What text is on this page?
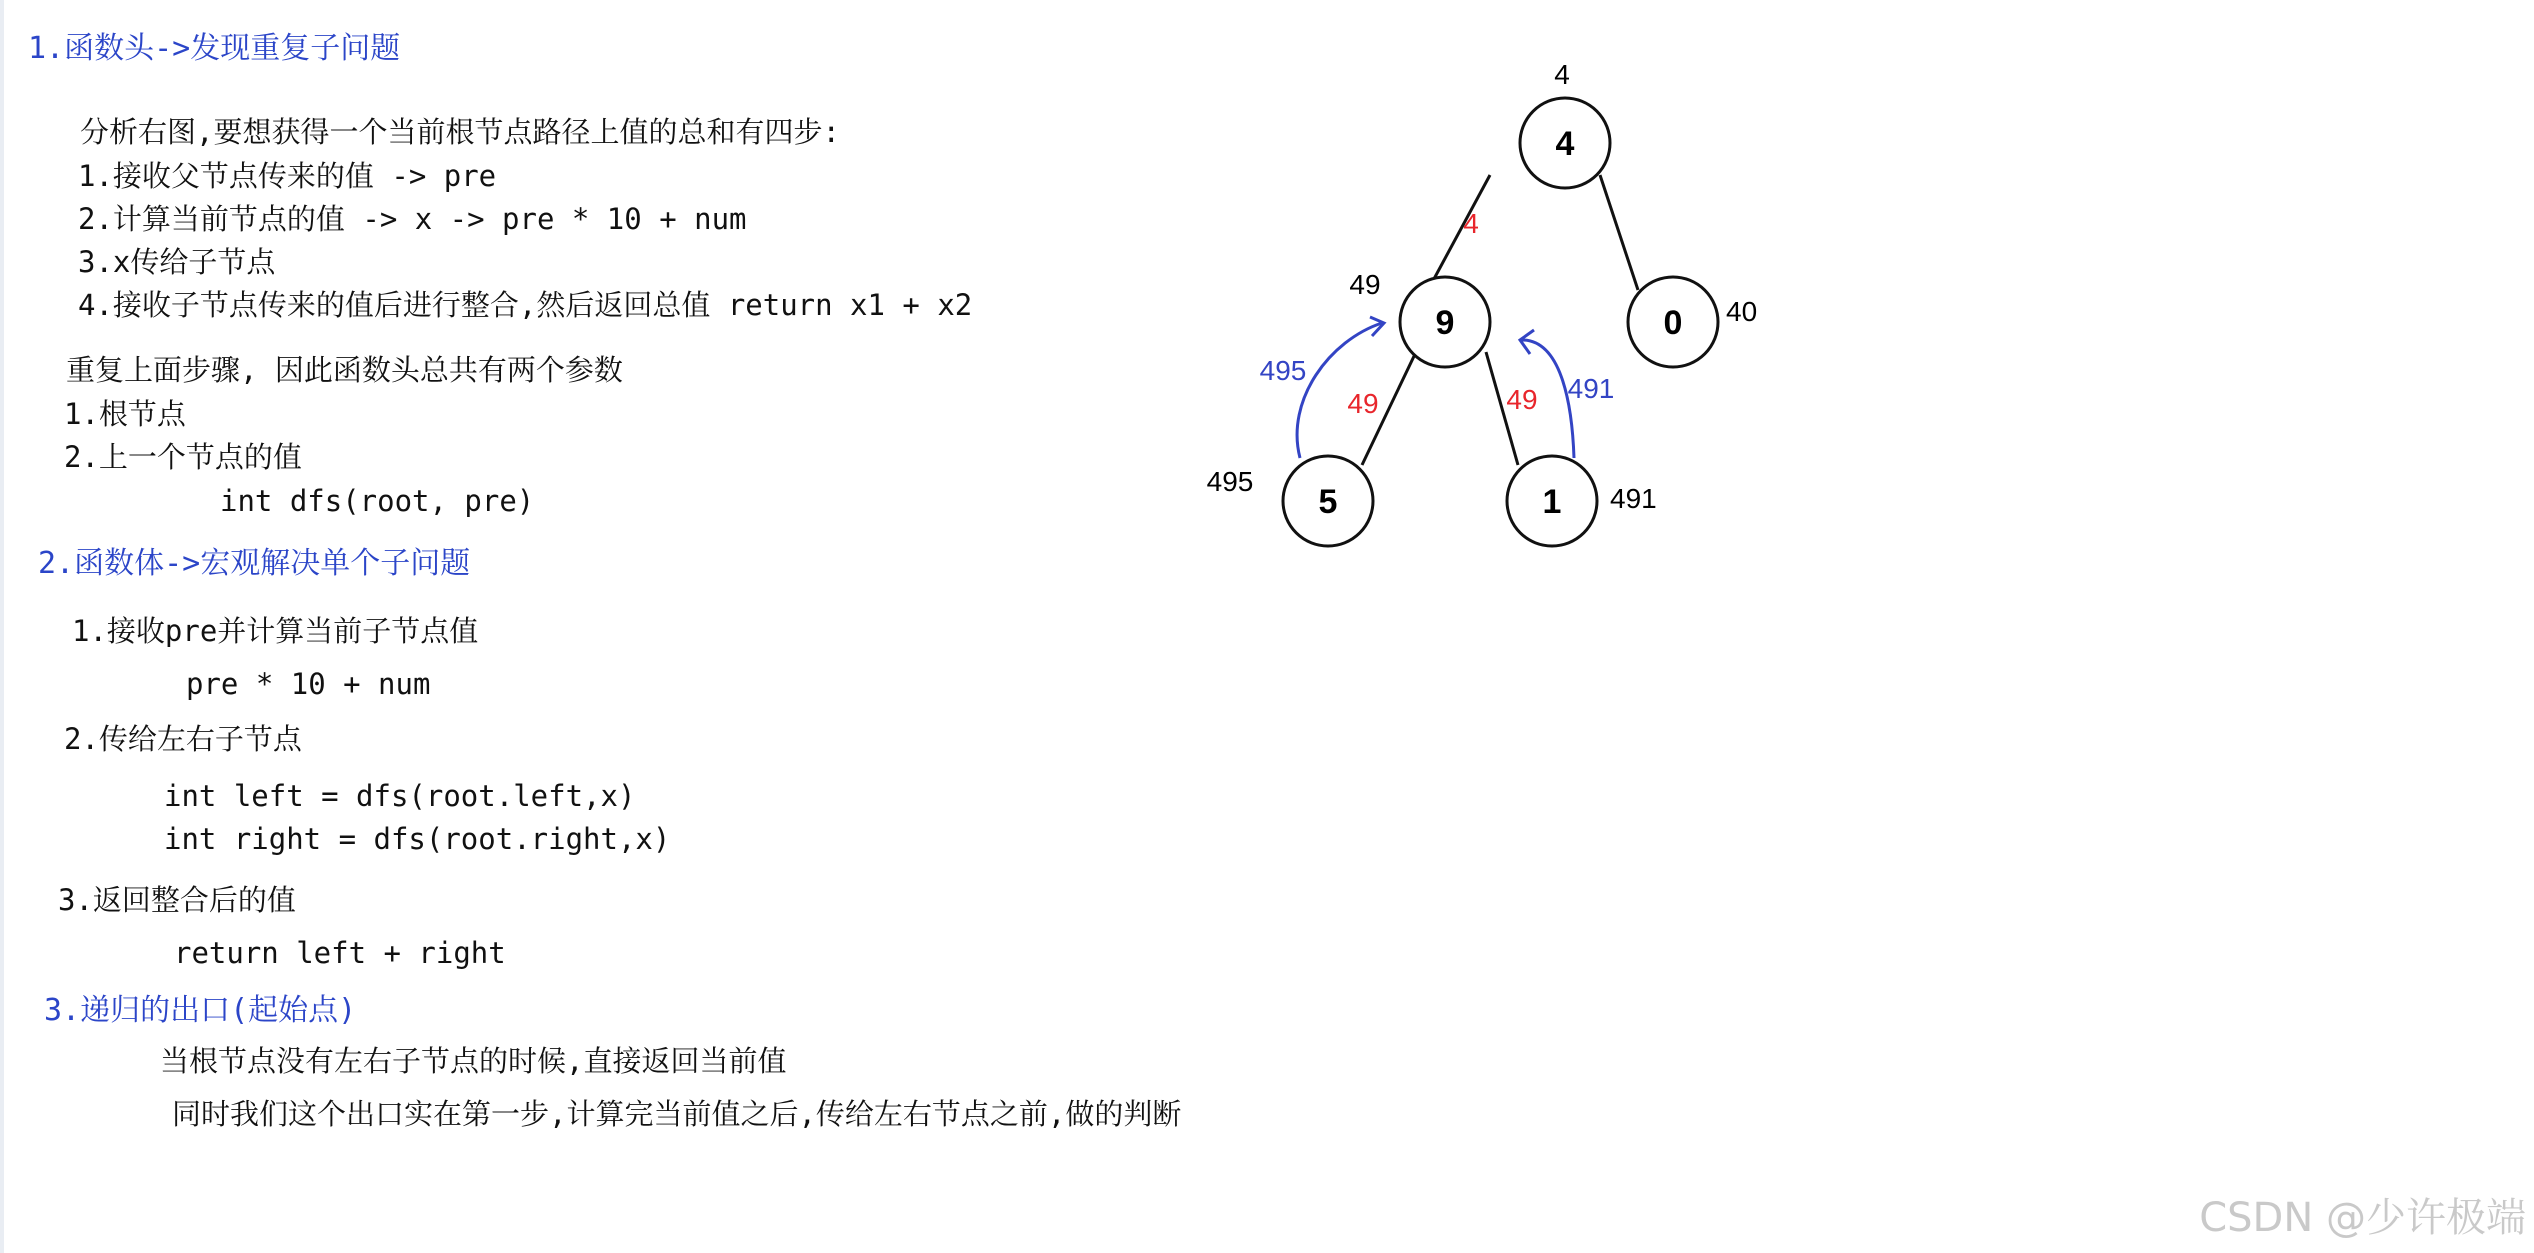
1.函数头->发现重复子问题
分析右图,要想获得一个当前根节点路径上值的总和有四步:
1.接收父节点传来的值 -> pre
2.计算当前节点的值 -> x -> pre * 10 + num
3.x传给子节点
4.接收子节点传来的值后进行整合,然后返回总值 return x1 + x2
重复上面步骤, 因此函数头总共有两个参数
1.根节点
2.上一个节点的值
int dfs(root, pre)
2.函数体->宏观解决单个子问题
1.接收pre并计算当前子节点值
pre * 10 + num
2.传给左右子节点
int left = dfs(root.left,x)
int right = dfs(root.right,x)
3.返回整合后的值
return left + right
3.递归的出口(起始点)
当根节点没有左右子节点的时候,直接返回当前值
同时我们这个出口实在第一步,计算完当前值之后,传给左右节点之前,做的判断
4
9	0
5	1
4
49
40
495
491
4
49	49
495
491
CSDN @少许极端
